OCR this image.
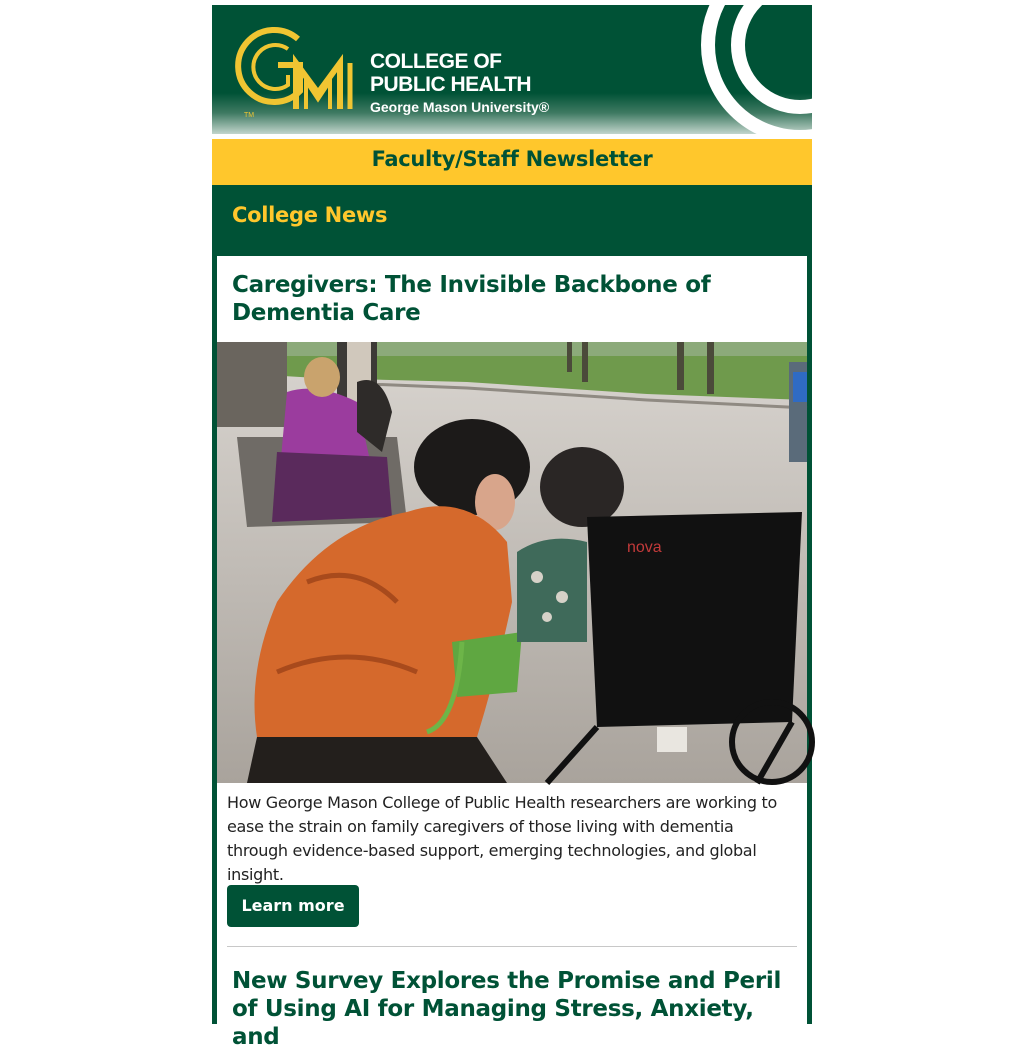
TM
COLLEGE OF
PUBLIC HEALTH
George Mason University®
Faculty/Staff Newsletter
College News
Caregivers: The Invisible Backbone of Dementia Care
nova

How George Mason College of Public Health researchers are working to ease the strain on family caregivers of those living with dementia through evidence-based support, emerging technologies, and global insight.

Learn more
New Survey Explores the Promise and Peril of Using AI for Managing Stress, Anxiety, and
